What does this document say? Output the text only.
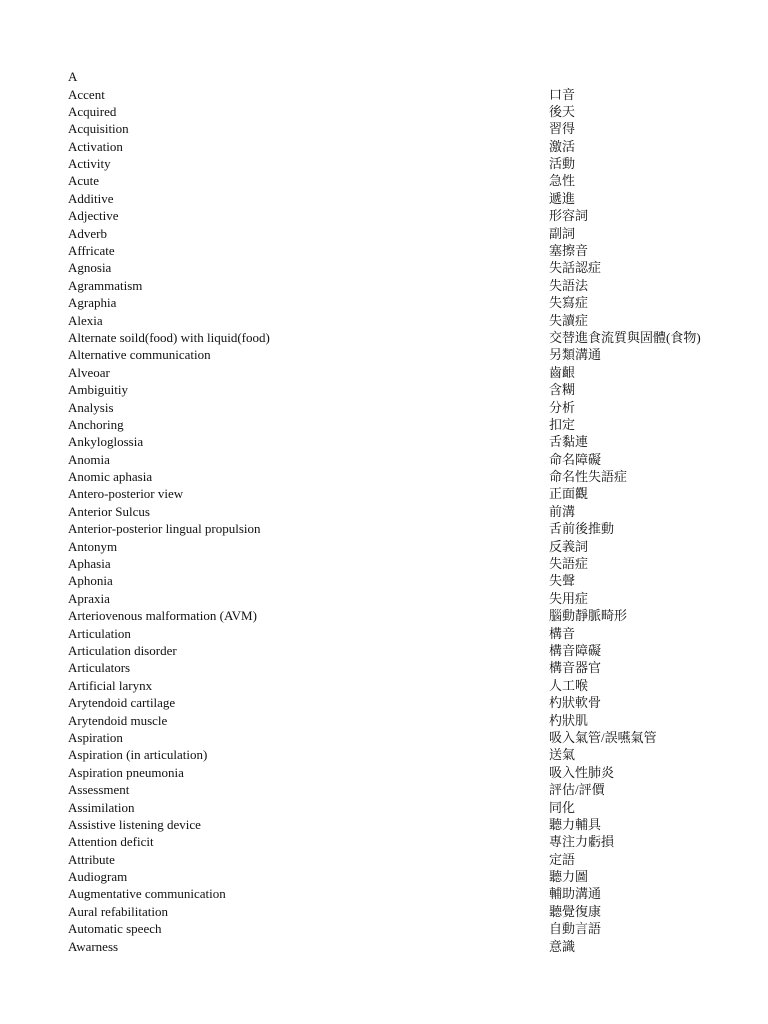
A
Accent	口音
Acquired	後天
Acquisition	習得
Activation	激活
Activity	活動
Acute	急性
Additive	遞進
Adjective	形容詞
Adverb	副詞
Affricate	塞擦音
Agnosia	失話認症
Agrammatism	失語法
Agraphia	失寫症
Alexia	失讀症
Alternate soild(food) with liquid(food)	交替進食流質與固體(食物)
Alternative communication	另類溝通
Alveoar	齒齦
Ambiguitiy	含糊
Analysis	分析
Anchoring	扣定
Ankyloglossia	舌黏連
Anomia	命名障礙
Anomic aphasia	命名性失語症
Antero-posterior view	正面觀
Anterior Sulcus	前溝
Anterior-posterior lingual propulsion	舌前後推動
Antonym	反義詞
Aphasia	失語症
Aphonia	失聲
Apraxia	失用症
Arteriovenous malformation (AVM)	腦動靜脈畸形
Articulation	構音
Articulation disorder	構音障礙
Articulators	構音器官
Artificial larynx	人工喉
Arytendoid cartilage	杓狀軟骨
Arytendoid muscle	杓狀肌
Aspiration	吸入氣管/誤嚥氣管
Aspiration (in articulation)	送氣
Aspiration pneumonia	吸入性肺炎
Assessment	評估/評價
Assimilation	同化
Assistive listening device	聽力輔具
Attention deficit	專注力虧損
Attribute	定語
Audiogram	聽力圖
Augmentative communication	輔助溝通
Aural refabilitation	聽覺復康
Automatic speech	自動言語
Awarness	意識
